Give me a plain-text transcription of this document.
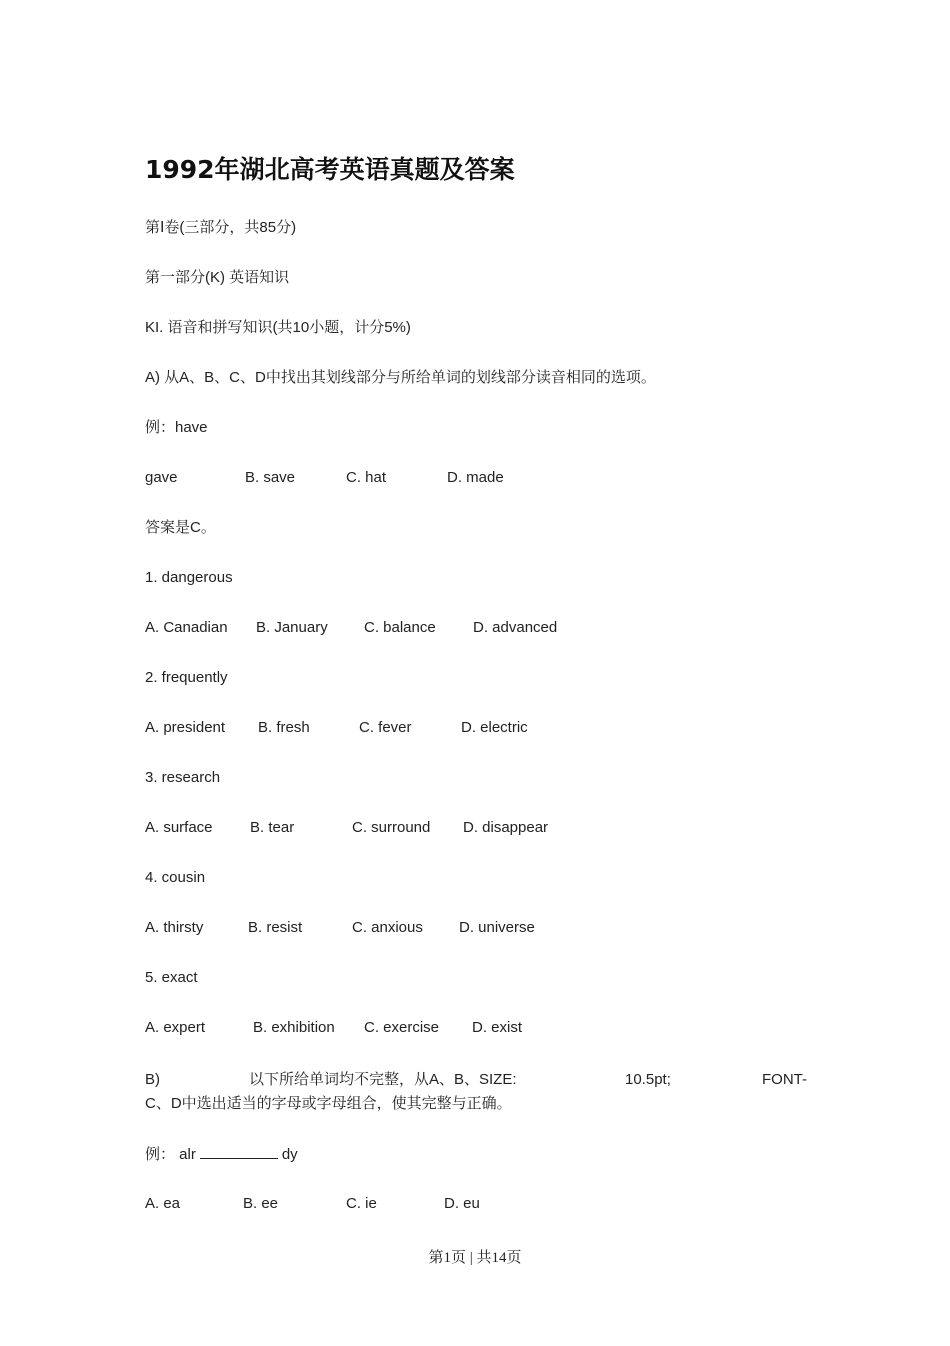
1992年湖北高考英语真题及答案
第Ⅰ卷(三部分，共85分)
第一部分(K) 英语知识
KI. 语音和拼写知识(共10小题，计分5%)
A) 从A、B、C、D中找出其划线部分与所给单词的划线部分读音相同的选项。
例：have
gave	B. save	C. hat	D. made
答案是C。
1. dangerous
A. Canadian B. January C. balance D. advanced
2. frequently
A. president B. fresh	C. fever	D. electric
3. research
A. surface B. tear	C. surround D. disappear
4. cousin
A. thirsty	B. resist	C. anxious D. universe
5. exact
A. expert	B. exhibition C. exercise D. exist
B)	以下所给单词均不完整，从A、B、SIZE:	10.5pt;	FONT-
C、D中选出适当的字母或字母组合，使其完整与正确。
例： alr	dy
A. ea	B. ee	C. ie	D. eu
第1页 | 共14页
